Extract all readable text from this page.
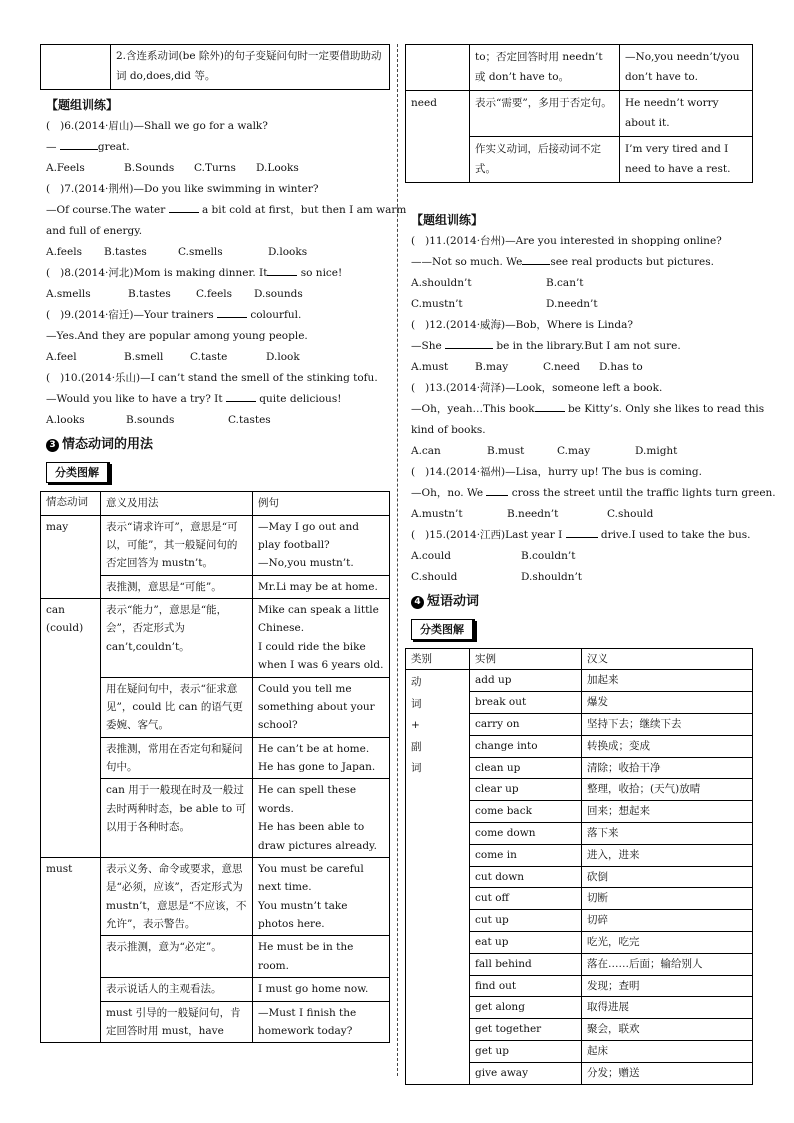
	2.含连系动词(be 除外)的句子变疑问句时一定要借助助动词 do,does,did 等。
【题组训练】
(   )6.(2014·眉山)—Shall we go for a walk?
—	great.
A.Feels	B.Sounds	C.Turns	D.Looks
(   )7.(2014·荆州)—Do you like swimming in winter?
—Of course.The water	a bit cold at first，but then I am warm
and full of energy.
A.feels	B.tastes	C.smells	D.looks
(   )8.(2014·河北)Mom is making dinner. It	so nice!
A.smells	B.tastes	C.feels	D.sounds
(   )9.(2014·宿迁)—Your trainers	colourful.
—Yes.And they are popular among young people.
A.feel	B.smell	C.taste	D.look
(   )10.(2014·乐山)—I can’t stand the smell of the stinking tofu.
—Would you like to have a try? It	quite delicious!
A.looks	B.sounds	C.tastes
3 情态动词的用法
分类图解
情态动词	意义及用法	例句
may	表示“请求许可”，意思是“可以，可能”，其一般疑问句的否定回答为 mustn’t。	—May I go out and play football?
—No,you mustn’t.
	表推测，意思是“可能”。	Mr.Li may be at home.
can
(could)	表示“能力”，意思是“能，会”，否定形式为 can’t,couldn’t。	Mike can speak a little Chinese.
I could ride the bike when I was 6 years old.
	用在疑问句中，表示“征求意见”，could 比 can 的语气更委婉、客气。	Could you tell me something about your school?
	表推测，常用在否定句和疑问句中。	He can’t be at home. He has gone to Japan.
	can 用于一般现在时及一般过去时两种时态，be able to 可以用于各种时态。	He can spell these words.
He has been able to draw pictures already.
must	表示义务、命令或要求，意思是“必须，应该”，否定形式为 mustn’t，意思是“不应该，不允许”，表示警告。	You must be careful next time.
You mustn’t take photos here.
	表示推测，意为“必定”。	He must be in the room.
	表示说话人的主观看法。	I must go home now.
	must 引导的一般疑问句，肯定回答时用 must，have	—Must I finish the homework today?
	to；否定回答时用 needn’t 或 don’t have to。	—No,you needn’t/you don’t have to.
need	表示“需要”，多用于否定句。	He needn’t worry about it.
	作实义动词，后接动词不定式。	I’m very tired and I need to have a rest.
【题组训练】
(   )11.(2014·台州)—Are you interested in shopping online?
——Not so much. We	see real products but pictures.
A.shouldn’t	B.can’t
C.mustn’t	D.needn’t
(   )12.(2014·威海)—Bob，Where is Linda?
—She	be in the library.But I am not sure.
A.must	B.may	C.need	D.has to
(   )13.(2014·菏泽)—Look，someone left a book.
—Oh，yeah…This book	be Kitty’s. Only she likes to read this
kind of books.
A.can	B.must	C.may	D.might
(   )14.(2014·福州)—Lisa，hurry up! The bus is coming.
—Oh，no. We  cross the street until the traffic lights turn green.
A.mustn’t	B.needn’t	C.should
(   )15.(2014·江西)Last year I	drive.I used to take the bus.
A.could	B.couldn’t
C.should	D.shouldn’t
4 短语动词
分类图解
类别	实例	汉义

动
词
+
副
词	add up	加起来
	break out	爆发
	carry on	坚持下去；继续下去
	change into	转换成；变成
	clean up	清除；收拾干净
	clear up	整理，收拾；(天气)放晴
	come back	回来；想起来
	come down	落下来
	come in	进入，进来
	cut down	砍倒
	cut off	切断
	cut up	切碎
	eat up	吃光，吃完
	fall behind	落在……后面；输给别人
	find out	发现；查明
	get along	取得进展
	get together	聚会，联欢
	get up	起床
	give away	分发；赠送
